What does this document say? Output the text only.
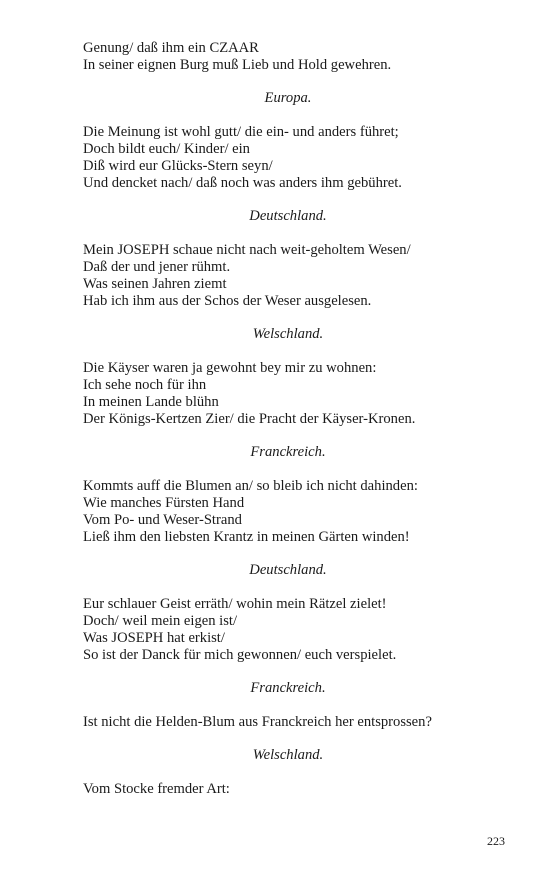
Genung/ daß ihm ein CZAAR
In seiner eignen Burg muß Lieb und Hold gewehren.
Europa.
Die Meinung ist wohl gutt/ die ein- und anders führet;
Doch bildt euch/ Kinder/ ein
Diß wird eur Glücks-Stern seyn/
Und dencket nach/ daß noch was anders ihm gebühret.
Deutschland.
Mein JOSEPH schaue nicht nach weit-geholtem Wesen/
Daß der und jener rühmt.
Was seinen Jahren ziemt
Hab ich ihm aus der Schos der Weser ausgelesen.
Welschland.
Die Käyser waren ja gewohnt bey mir zu wohnen:
Ich sehe noch für ihn
In meinen Lande blühn
Der Königs-Kertzen Zier/ die Pracht der Käyser-Kronen.
Franckreich.
Kommts auff die Blumen an/ so bleib ich nicht dahinden:
Wie manches Fürsten Hand
Vom Po- und Weser-Strand
Ließ ihm den liebsten Krantz in meinen Gärten winden!
Deutschland.
Eur schlauer Geist erräth/ wohin mein Rätzel zielet!
Doch/ weil mein eigen ist/
Was JOSEPH hat erkist/
So ist der Danck für mich gewonnen/ euch verspielet.
Franckreich.
Ist nicht die Helden-Blum aus Franckreich her entsprossen?
Welschland.
Vom Stocke fremder Art:
223
